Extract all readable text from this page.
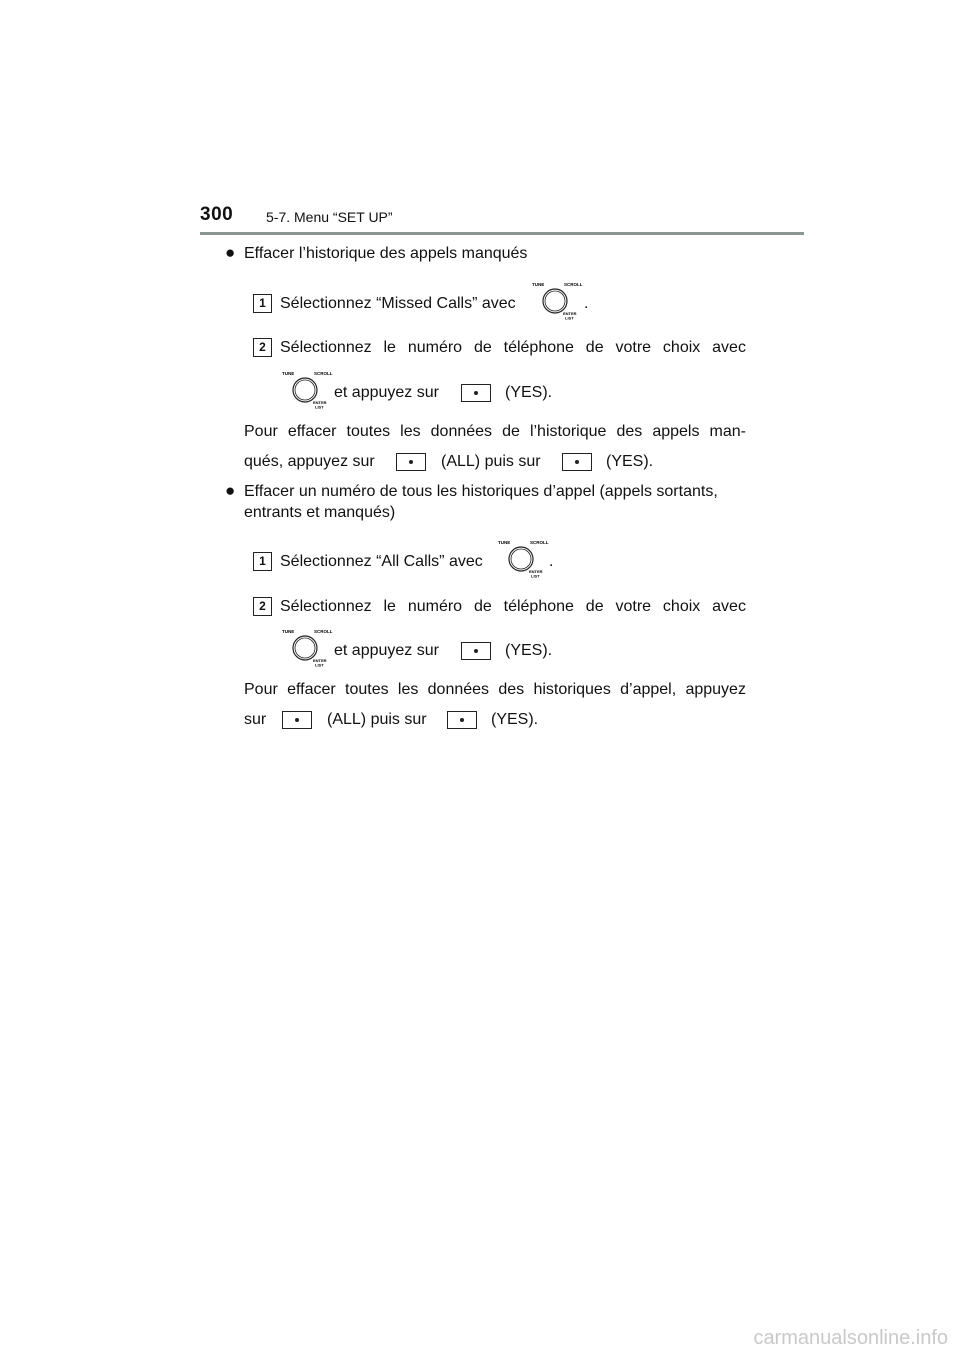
300 5-7. Menu “SET UP”
● Effacer l’historique des appels manqués
1 Sélectionnez “Missed Calls” avec
TUNE	SCROLL
ENTER
LIST
.
2 Sélectionnez le numéro de téléphone de votre choix avec
TUNE	SCROLL
ENTER
LIST
et appuyez sur	(YES).
Pour effacer toutes les données de l’historique des appels man-
qués, appuyez sur	(ALL) puis sur	(YES).
● Effacer un numéro de tous les historiques d’appel (appels sortants,
entrants et manqués)
1 Sélectionnez “All Calls” avec
TUNE	SCROLL
ENTER
LIST
.
2 Sélectionnez le numéro de téléphone de votre choix avec
TUNE	SCROLL
ENTER
LIST
et appuyez sur	(YES).
Pour effacer toutes les données des historiques d’appel, appuyez
sur	(ALL) puis sur	(YES).
carmanualsonline.info
